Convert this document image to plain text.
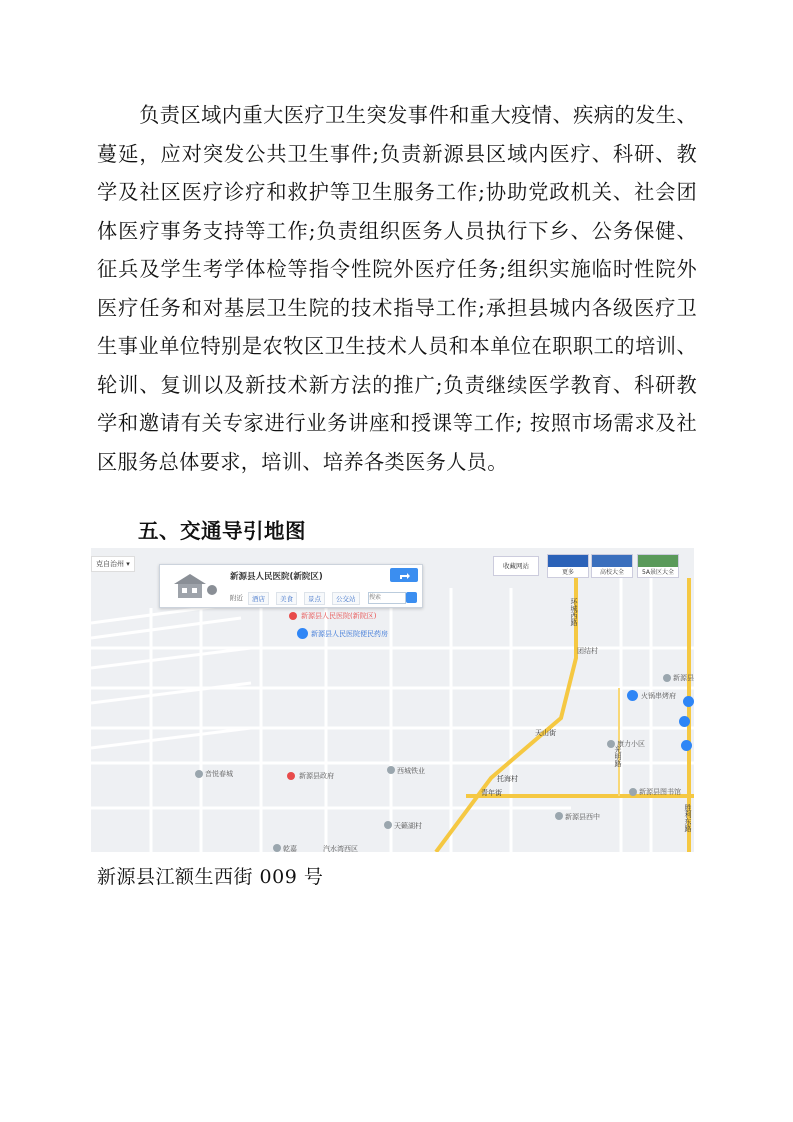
负责区域内重大医疗卫生突发事件和重大疫情、疾病的发生、蔓延，应对突发公共卫生事件;负责新源县区域内医疗、科研、教学及社区医疗诊疗和救护等卫生服务工作;协助党政机关、社会团体医疗事务支持等工作;负责组织医务人员执行下乡、公务保健、征兵及学生考学体检等指令性院外医疗任务;组织实施临时性院外医疗任务和对基层卫生院的技术指导工作;承担县城内各级医疗卫生事业单位特别是农牧区卫生技术人员和本单位在职职工的培训、轮训、复训以及新技术新方法的推广;负责继续医学教育、科研教学和邀请有关专家进行业务讲座和授课等工作; 按照市场需求及社区服务总体要求，培训、培养各类医务人员。

五、交通导引地图
克自治州 ▾
新源县人民医院(新院区)
附近	酒店	美食	景点	公交站
搜索
收藏网站
更多	高校大全	5A景区大全
新源县人民医院(新院区)
新源县人民医院便民药房
音悦春城	新源县政府
西城铁业
天籁湖村
乾嘉	汽水湾西区
康力小区
火锅串烤府
新源县图书馆
新源县西中
团结村
新源县
环城西路
天山街
光明路
青年街
托海村
胜利东路

新源县江额生西街 009 号
